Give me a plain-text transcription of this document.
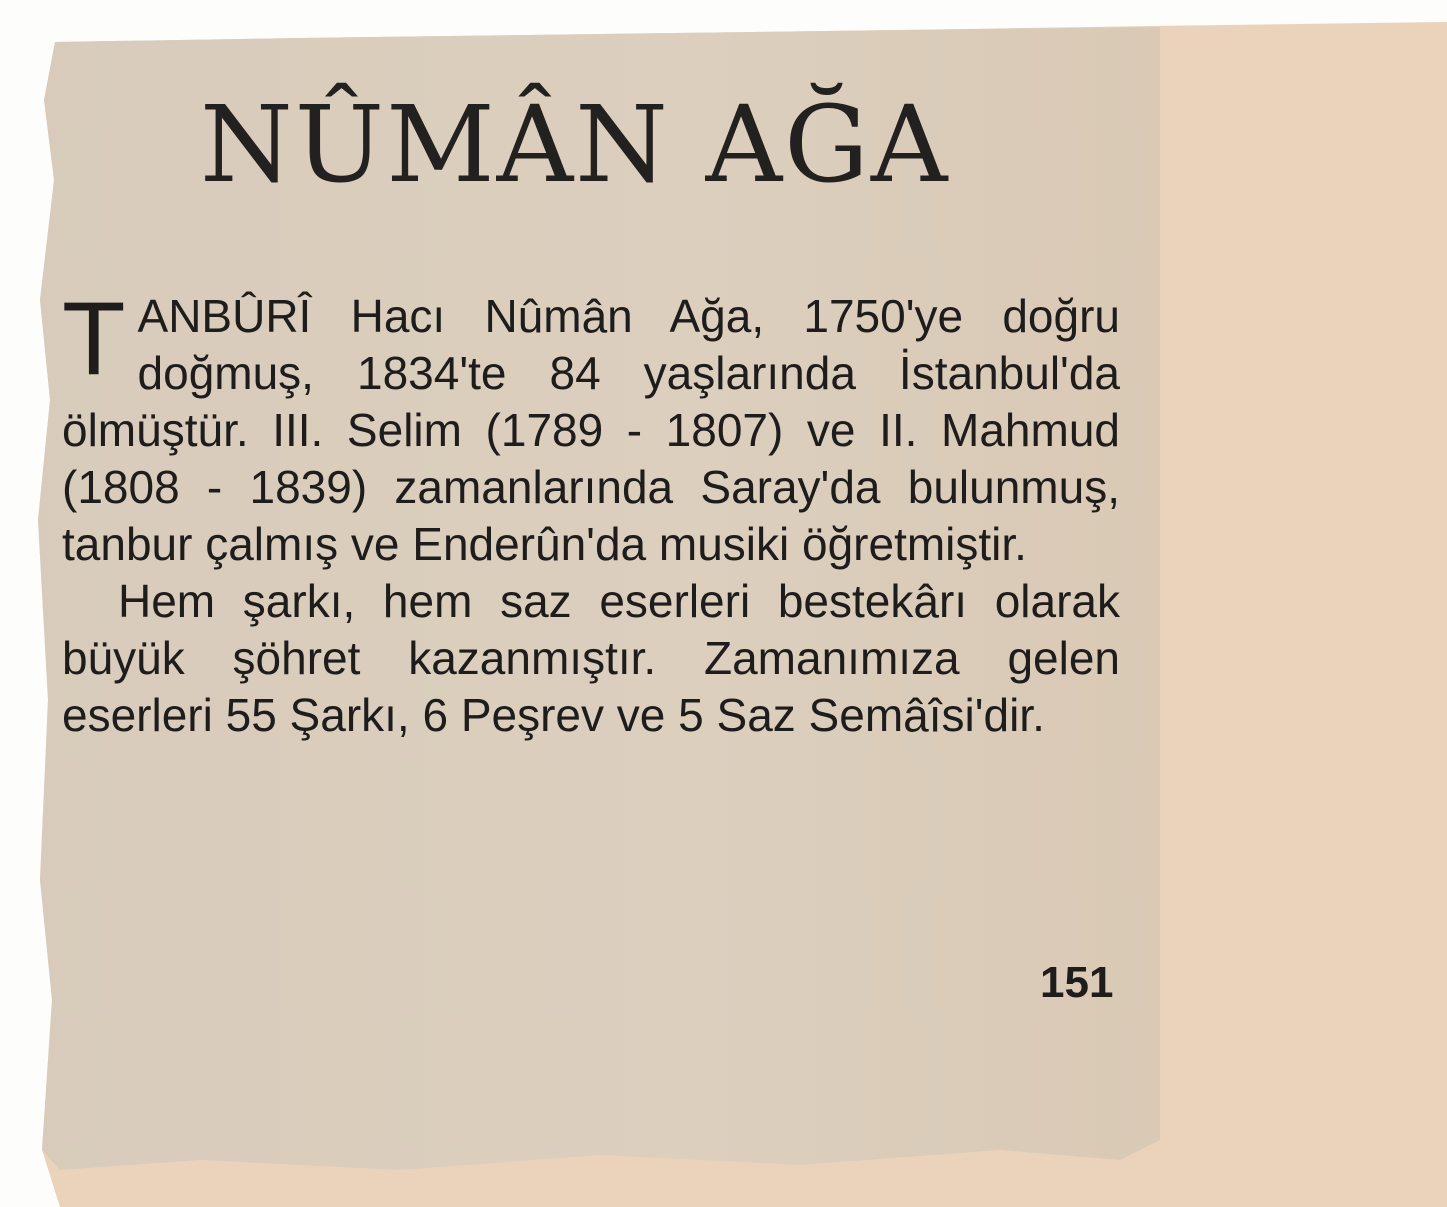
NÛMÂN AĞA

TANBÛRÎ Hacı Nûmân Ağa, 1750'ye doğru doğmuş, 1834'te 84 yaşlarında İstanbul'da ölmüştür. III. Selim (1789 - 1807) ve II. Mahmud (1808 - 1839) zamanlarında Saray'da bulunmuş, tanbur çalmış ve Enderûn'da musiki öğretmiştir.

Hem şarkı, hem saz eserleri bestekârı olarak büyük şöhret kazanmıştır. Zamanımıza gelen eserleri 55 Şarkı, 6 Peşrev ve 5 Saz Semâîsi'dir.

151
